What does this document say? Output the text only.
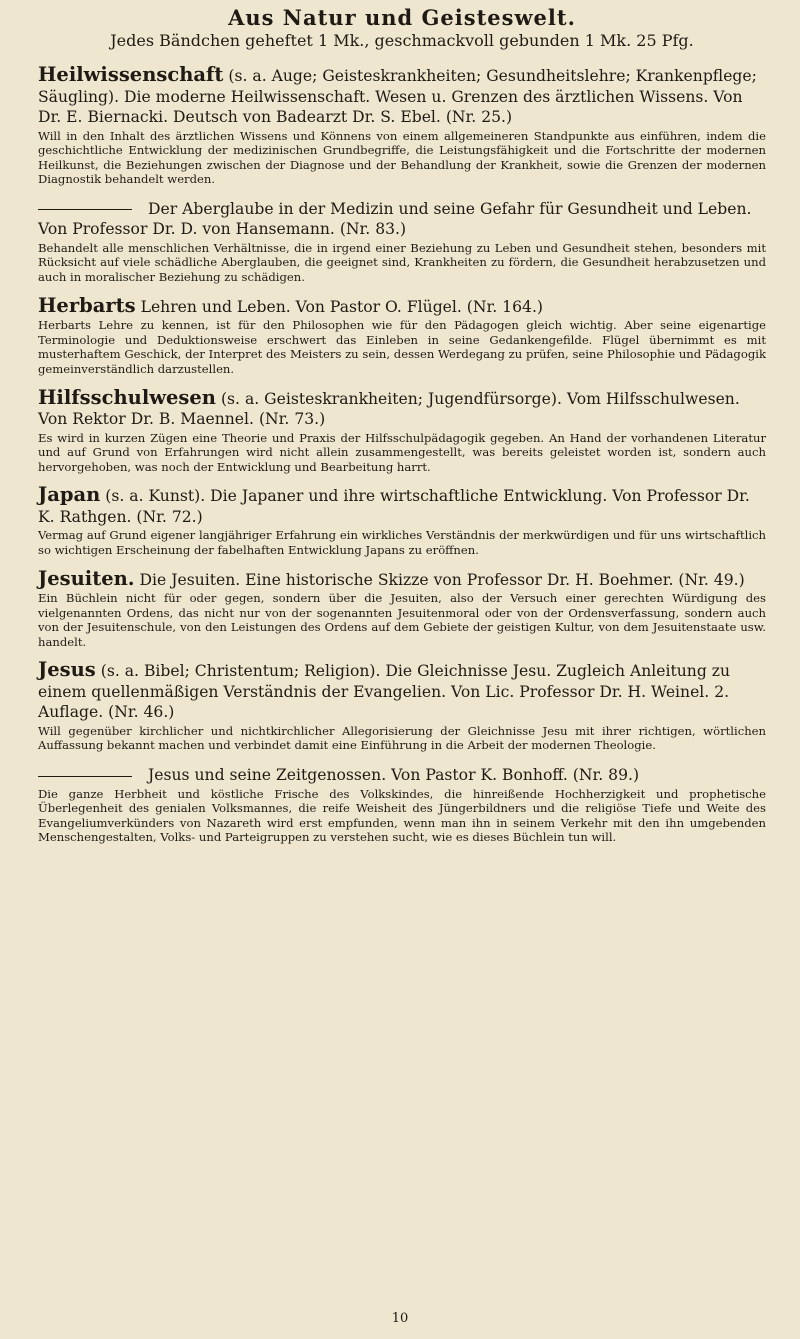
Aus Natur und Geisteswelt.

Jedes Bändchen geheftet 1 Mk., geschmackvoll gebunden 1 Mk. 25 Pfg.

Heilwissenschaft (s. a. Auge; Geisteskrankheiten; Gesundheitslehre; Krankenpflege; Säugling). Die moderne Heilwissenschaft. Wesen u. Grenzen des ärztlichen Wissens. Von Dr. E. Biernacki. Deutsch von Badearzt Dr. S. Ebel. (Nr. 25.)

Will in den Inhalt des ärztlichen Wissens und Könnens von einem allgemeineren Standpunkte aus einführen, indem die geschichtliche Entwicklung der medizinischen Grundbegriffe, die Leistungsfähigkeit und die Fortschritte der modernen Heilkunst, die Beziehungen zwischen der Diagnose und der Behandlung der Krankheit, sowie die Grenzen der modernen Diagnostik behandelt werden.

Der Aberglaube in der Medizin und seine Gefahr für Gesundheit und Leben. Von Professor Dr. D. von Hansemann. (Nr. 83.)

Behandelt alle menschlichen Verhältnisse, die in irgend einer Beziehung zu Leben und Gesundheit stehen, besonders mit Rücksicht auf viele schädliche Aberglauben, die geeignet sind, Krankheiten zu fördern, die Gesundheit herabzusetzen und auch in moralischer Beziehung zu schädigen.

Herbarts Lehren und Leben. Von Pastor O. Flügel. (Nr. 164.)

Herbarts Lehre zu kennen, ist für den Philosophen wie für den Pädagogen gleich wichtig. Aber seine eigenartige Terminologie und Deduktionsweise erschwert das Einleben in seine Gedankengefilde. Flügel übernimmt es mit musterhaftem Geschick, der Interpret des Meisters zu sein, dessen Werdegang zu prüfen, seine Philosophie und Pädagogik gemeinverständlich darzustellen.

Hilfsschulwesen (s. a. Geisteskrankheiten; Jugendfürsorge). Vom Hilfsschulwesen. Von Rektor Dr. B. Maennel. (Nr. 73.)

Es wird in kurzen Zügen eine Theorie und Praxis der Hilfsschulpädagogik gegeben. An Hand der vorhandenen Literatur und auf Grund von Erfahrungen wird nicht allein zusammengestellt, was bereits geleistet worden ist, sondern auch hervorgehoben, was noch der Entwicklung und Bearbeitung harrt.

Japan (s. a. Kunst). Die Japaner und ihre wirtschaftliche Entwicklung. Von Professor Dr. K. Rathgen. (Nr. 72.)

Vermag auf Grund eigener langjähriger Erfahrung ein wirkliches Verständnis der merkwürdigen und für uns wirtschaftlich so wichtigen Erscheinung der fabelhaften Entwicklung Japans zu eröffnen.

Jesuiten. Die Jesuiten. Eine historische Skizze von Professor Dr. H. Boehmer. (Nr. 49.)

Ein Büchlein nicht für oder gegen, sondern über die Jesuiten, also der Versuch einer gerechten Würdigung des vielgenannten Ordens, das nicht nur von der sogenannten Jesuitenmoral oder von der Ordensverfassung, sondern auch von der Jesuitenschule, von den Leistungen des Ordens auf dem Gebiete der geistigen Kultur, von dem Jesuitenstaate usw. handelt.

Jesus (s. a. Bibel; Christentum; Religion). Die Gleichnisse Jesu. Zugleich Anleitung zu einem quellenmäßigen Verständnis der Evangelien. Von Lic. Professor Dr. H. Weinel. 2. Auflage. (Nr. 46.)

Will gegenüber kirchlicher und nichtkirchlicher Allegorisierung der Gleichnisse Jesu mit ihrer richtigen, wörtlichen Auffassung bekannt machen und verbindet damit eine Einführung in die Arbeit der modernen Theologie.

Jesus und seine Zeitgenossen. Von Pastor K. Bonhoff. (Nr. 89.)

Die ganze Herbheit und köstliche Frische des Volkskindes, die hinreißende Hochherzigkeit und prophetische Überlegenheit des genialen Volksmannes, die reife Weisheit des Jüngerbildners und die religiöse Tiefe und Weite des Evangeliumverkünders von Nazareth wird erst empfunden, wenn man ihn in seinem Verkehr mit den ihn umgebenden Menschengestalten, Volks- und Parteigruppen zu verstehen sucht, wie es dieses Büchlein tun will.

10
